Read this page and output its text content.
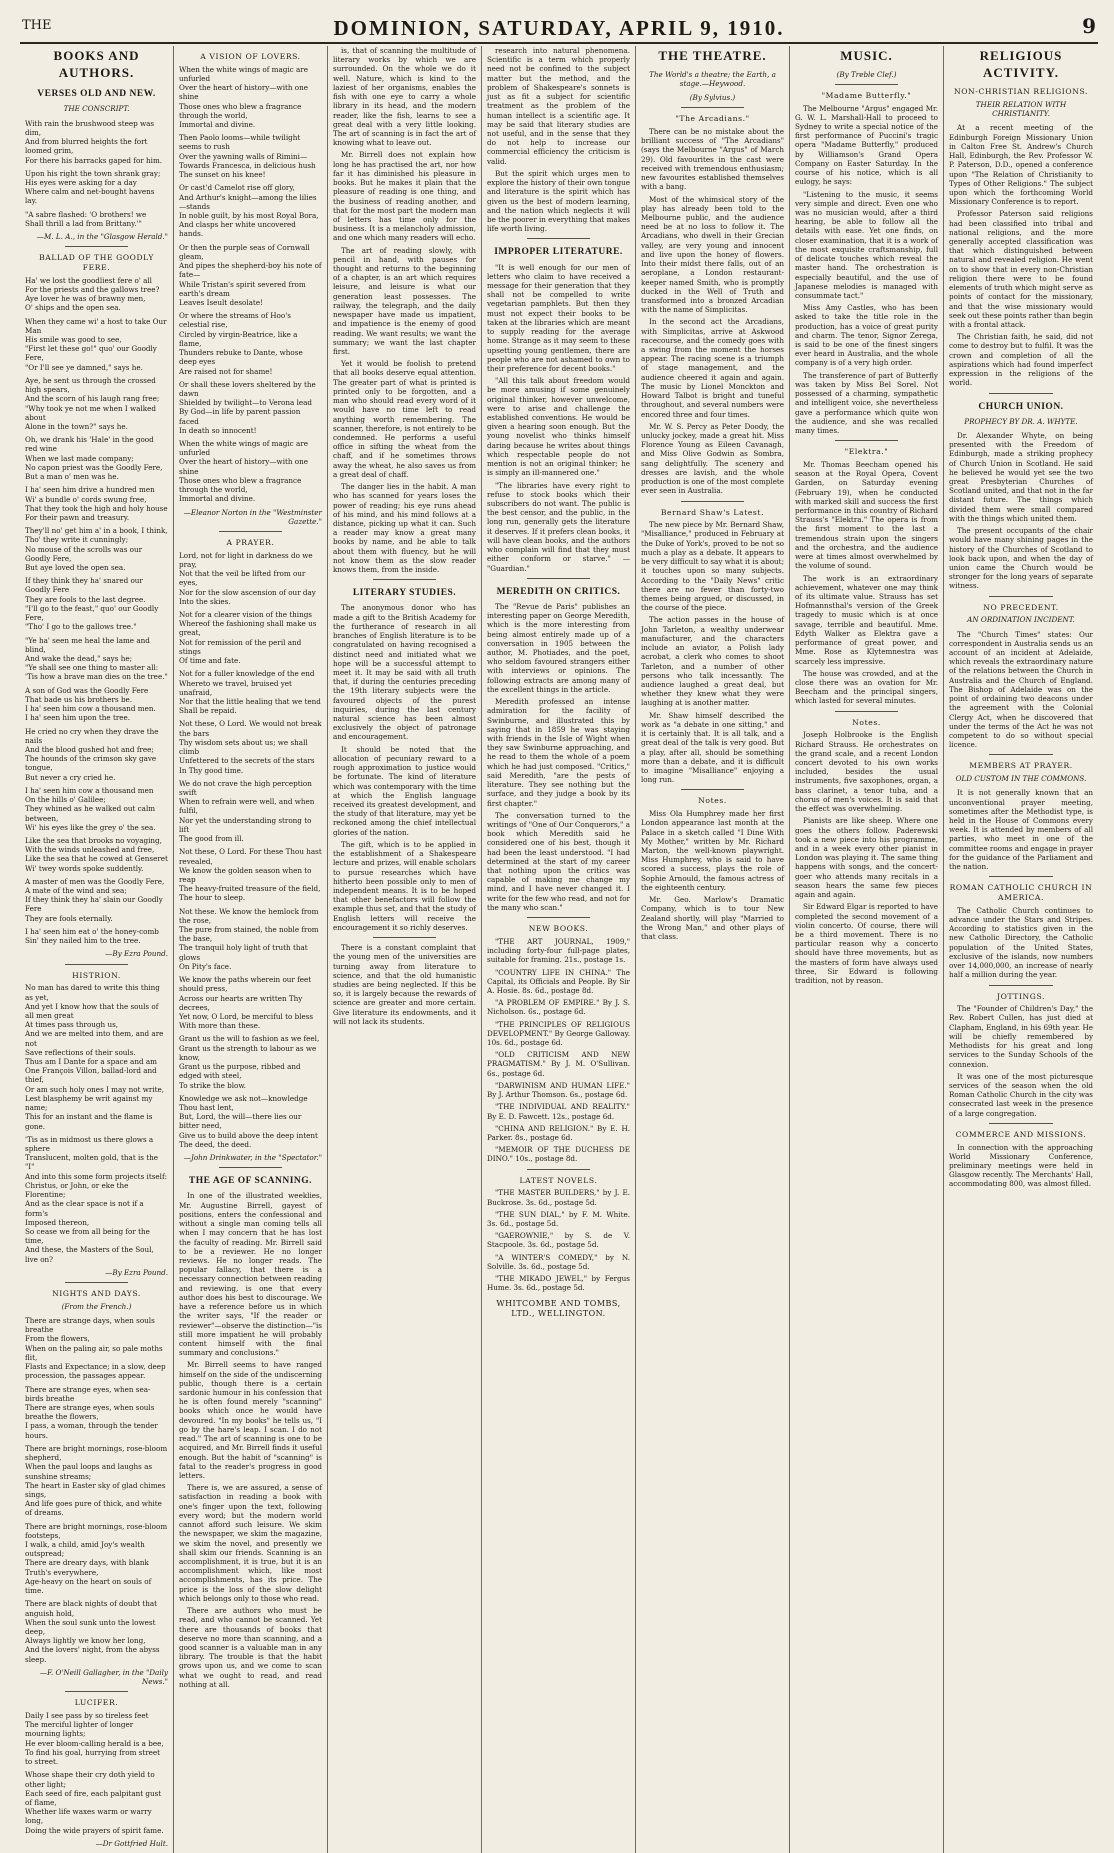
THE	DOMINION, SATURDAY, APRIL 9, 1910.	9
BOOKS AND AUTHORS.
VERSES OLD AND NEW.

THE CONSCRIPT.

With rain the brushwood steep was dim,
And from blurred heights the fort loomed grim,
For there his barracks gaped for him.

Upon his right the town shrank gray;
His eyes were asking for a day
Where calm and net-bought havens lay.

"A sabre flashed: 'O brothers! we
Shall thrill a lad from Brittany.'"

—M. L. A., in the "Glasgow Herald."

BALLAD OF THE GOODLY FERE.

Ha' we lost the goodliest fere o' all
For the priests and the gallows tree?
Aye lover he was of brawny men,
O' ships and the open sea.

When they came wi' a host to take Our Man
His smile was good to see,
"First let these go!" quo' our Goodly Fere,
"Or I'll see ye damned," says he.

Aye, he sent us through the crossed high spears,
And the scorn of his laugh rang free;
"Why took ye not me when I walked about
Alone in the town?" says he.

Oh, we drank his 'Hale' in the good red wine
When we last made company;
No capon priest was the Goodly Fere,
But a man o' men was he.

I ha' seen him drive a hundred men
Wi' a bundle o' cords swung free,
That they took the high and holy house
For their pawn and treasury.

They'll no' get him a' in a book, I think,
Tho' they write it cunningly;
No mouse of the scrolls was our Goodly Fere,
But aye loved the open sea.

If they think they ha' snared our Goodly Fere
They are fools to the last degree.
"I'll go to the feast," quo' our Goodly Fere,
"Tho' I go to the gallows tree."

"Ye ha' seen me heal the lame and blind,
And wake the dead," says he;
"Ye shall see one thing to master all:
'Tis how a brave man dies on the tree."

A son of God was the Goodly Fere
That bade us his brothers be.
I ha' seen him cow a thousand men.
I ha' seen him upon the tree.

He cried no cry when they drave the nails
And the blood gushed hot and free;
The hounds of the crimson sky gave tongue,
But never a cry cried he.

I ha' seen him cow a thousand men
On the hills o' Galilee;
They whined as he walked out calm between,
Wi' his eyes like the grey o' the sea.

Like the sea that brooks no voyaging,
With the winds unleashed and free,
Like the sea that he cowed at Genseret
Wi' twey words spoke suddently.

A master of men was the Goodly Fere,
A mate of the wind and sea;
If they think they ha' slain our Goodly Fere
They are fools eternally.

I ha' seen him eat o' the honey-comb
Sin' they nailed him to the tree.

—By Ezra Pound.

HISTRION.

No man has dared to write this thing as yet,
And yet I know how that the souls of all men great
At times pass through us,
And we are melted into them, and are not
Save reflections of their souls.
Thus am I Dante for a space and am
One François Villon, ballad-lord and thief,
Or am such holy ones I may not write,
Lest blasphemy be writ against my name;
This for an instant and the flame is gone.

'Tis as in midmost us there glows a sphere
Translucent, molten gold, that is the "I"
And into this some form projects itself:
Christus, or John, or eke the Florentine;
And as the clear space is not if a form's
Imposed thereon,
So cease we from all being for the time,
And these, the Masters of the Soul, live on?

—By Ezra Pound.

NIGHTS AND DAYS.

(From the French.)

There are strange days, when souls breathe
From the flowers,
When on the paling air, so pale moths flit,
Flasts and Expectance; in a slow, deep procession, the passages appear.

There are strange eyes, when sea-birds breathe
There are strange eyes, when souls breathe the flowers,
I pass, a woman, through the tender hours.

There are bright mornings, rose-bloom shepherd,
When the paul loops and laughs as sunshine streams;
The heart in Easter sky of glad chimes sings,
And life goes pure of thick, and white of dreams.

There are bright mornings, rose-bloom footsteps,
I walk, a child, amid Joy's wealth outspread;
There are dreary days, with blank Truth's everywhere,
Age-heavy on the heart on souls of time.

There are black nights of doubt that anguish hold,
When the soul sunk unto the lowest deep,
Always lightly we know her long,
And the lovers' night, from the abyss sleep.

—F. O'Neill Gallagher, in the "Daily News."

LUCIFER.

Daily I see pass by so tireless feet
The merciful lighter of longer mourning lights;
He ever bloom-calling herald is a bee,
To find his goal, hurrying from street to street.

Whose shape their cry doth yield to other light;
Each seed of fire, each palpitant gust of flame,
Whether life waxes warm or warry long,
Doing the wide prayers of spirit fame.

—Dr Gottfried Hult.

A VISION OF LOVERS.

When the white wings of magic are unfurled
Over the heart of history—with one shine
Those ones who blew a fragrance through the world,
Immortal and divine.

Then Paolo looms—while twilight seems to rush
Over the yawning walls of Rimini—
Towards Francesca, in delicious hush
The sunset on his knee!

Or cast'd Camelot rise off glory,
And Arthur's knight—among the lilies—stands
In noble guilt, by his most Royal Bora,
And clasps her white uncovered hands.

Or then the purple seas of Cornwall gleam,
And pipes the shepherd-boy his note of fate—
While Tristan's spirit severed from earth's dream
Leaves Iseult desolate!

Or where the streams of Hoo's celestial rise,
Circled by virgin-Beatrice, like a flame,
Thunders rebuke to Dante, whose deep eyes
Are raised not for shame!

Or shall these lovers sheltered by the dawn
Shielded by twilight—to Verona lead
By God—in life by parent passion faced
In death so innocent!

When the white wings of magic are unfurled
Over the heart of history—with one shine
Those ones who blew a fragrance through the world,
Immortal and divine.

—Eleanor Norton in the "Westminster Gazette."

A PRAYER.

Lord, not for light in darkness do we pray,
Not that the veil be lifted from our eyes,
Nor for the slow ascension of our day
Into the skies.

Not for a clearer vision of the things
Whereof the fashioning shall make us great,
Not for remission of the peril and stings
Of time and fate.

Not for a fuller knowledge of the end
Whereto we travel, bruised yet unafraid,
Nor that the little healing that we tend
Shall be repaid.

Not these, O Lord. We would not break the bars
Thy wisdom sets about us; we shall climb
Unfettered to the secrets of the stars
In Thy good time.

We do not crave the high perception swift
When to refrain were well, and when fulfil,
Nor yet the understanding strong to lift
The good from ill.

Not these, O Lord. For these Thou hast revealed,
We know the golden season when to reap
The heavy-fruited treasure of the field,
The hour to sleep.

Not these. We know the hemlock from the rose,
The pure from stained, the noble from the base,
The tranquil holy light of truth that glows
On Pity's face.

We know the paths wherein our feet should press,
Across our hearts are written Thy decrees,
Yet now, O Lord, be merciful to bless
With more than these.

Grant us the will to fashion as we feel,
Grant us the strength to labour as we know,
Grant us the purpose, ribbed and edged with steel,
To strike the blow.

Knowledge we ask not—knowledge Thou hast lent,
But, Lord, the will—there lies our bitter need,
Give us to build above the deep intent
The deed, the deed.

—John Drinkwater, in the "Spectator."

THE AGE OF SCANNING.

In one of the illustrated weeklies, Mr. Augustine Birrell, gayest of positions, enters the confessional and without a single man coming tells all when I may concern that he has lost the faculty of reading. Mr. Birrell said to be a reviewer. He no longer reviews. He no longer reads. The popular fallacy, that there is a necessary connection between reading and reviewing, is one that every author does his best to discourage. We have a reference before us in which the writer says, "If the reader or reviewer"—observe the distinction—"is still more impatient he will probably content himself with the final summary and conclusions."

Mr. Birrell seems to have ranged himself on the side of the undiscerning public, though there is a certain sardonic humour in his confession that he is often found merely "scanning" books which once he would have devoured. "In my books" he tells us, "I go by the hare's leap. I scan. I do not read." The art of scanning is one to be acquired, and Mr. Birrell finds it useful enough. But the habit of "scanning" is fatal to the reader's progress in good letters.

There is, we are assured, a sense of satisfaction in reading a book with one's finger upon the text, following every word; but the modern world cannot afford such leisure. We skim the newspaper, we skim the magazine, we skim the novel, and presently we shall skim our friends. Scanning is an accomplishment, it is true, but it is an accomplishment which, like most accomplishments, has its price. The price is the loss of the slow delight which belongs only to those who read.

There are authors who must be read, and who cannot be scanned. Yet there are thousands of books that deserve no more than scanning, and a good scanner is a valuable man in any library. The trouble is that the habit grows upon us, and we come to scan what we ought to read, and read nothing at all.

is, that of scanning the multitude of literary works by which we are surrounded. On the whole we do it well. Nature, which is kind to the laziest of her organisms, enables the fish with one eye to carry a whole library in its head, and the modern reader, like the fish, learns to see a great deal with a very little looking. The art of scanning is in fact the art of knowing what to leave out.

Mr. Birrell does not explain how long he has practised the art, nor how far it has diminished his pleasure in books. But he makes it plain that the pleasure of reading is one thing, and the business of reading another, and that for the most part the modern man of letters has time only for the business. It is a melancholy admission, and one which many readers will echo.

The art of reading slowly, with pencil in hand, with pauses for thought and returns to the beginning of a chapter, is an art which requires leisure, and leisure is what our generation least possesses. The railway, the telegraph, and the daily newspaper have made us impatient, and impatience is the enemy of good reading. We want results; we want the summary; we want the last chapter first.

Yet it would be foolish to pretend that all books deserve equal attention. The greater part of what is printed is printed only to be forgotten, and a man who should read every word of it would have no time left to read anything worth remembering. The scanner, therefore, is not entirely to be condemned. He performs a useful office in sifting the wheat from the chaff, and if he sometimes throws away the wheat, he also saves us from a great deal of chaff.

The danger lies in the habit. A man who has scanned for years loses the power of reading; his eye runs ahead of his mind, and his mind follows at a distance, picking up what it can. Such a reader may know a great many books by name, and be able to talk about them with fluency, but he will not know them as the slow reader knows them, from the inside.

LITERARY STUDIES.

The anonymous donor who has made a gift to the British Academy for the furtherance of research in all branches of English literature is to be congratulated on having recognised a distinct need and initiated what we hope will be a successful attempt to meet it. It may be said with all truth that, if during the centuries preceding the 19th literary subjects were the favoured objects of the purest inquiries, during the last century natural science has been almost exclusively the object of patronage and encouragement.

It should be noted that the allocation of pecuniary reward to a rough approximation to justice would be fortunate. The kind of literature which was contemporary with the time at which the English language received its greatest development, and the study of that literature, may yet be reckoned among the chief intellectual glories of the nation.

The gift, which is to be applied in the establishment of a Shakespeare lecture and prizes, will enable scholars to pursue researches which have hitherto been possible only to men of independent means. It is to be hoped that other benefactors will follow the example thus set, and that the study of English letters will receive the encouragement it so richly deserves.

There is a constant complaint that the young men of the universities are turning away from literature to science, and that the old humanistic studies are being neglected. If this be so, it is largely because the rewards of science are greater and more certain. Give literature its endowments, and it will not lack its students.

research into natural phenomena. Scientific is a term which properly need not be confined to the subject matter but the method, and the problem of Shakespeare's sonnets is just as fit a subject for scientific treatment as the problem of the human intellect is a scientific age. It may be said that literary studies are not useful, and in the sense that they do not help to increase our commercial efficiency the criticism is valid.

But the spirit which urges men to explore the history of their own tongue and literature is the spirit which has given us the best of modern learning, and the nation which neglects it will be the poorer in everything that makes life worth living.

IMPROPER LITERATURE.

"It is well enough for our men of letters who claim to have received a message for their generation that they shall not be compelled to write vegetarian pamphlets. But then they must not expect their books to be taken at the libraries which are meant to supply reading for the average home. Strange as it may seem to these upsetting young gentlemen, there are people who are not ashamed to own to their preference for decent books."

"All this talk about freedom would be more amusing if some genuinely original thinker, however unwelcome, were to arise and challenge the established conventions. He would be given a hearing soon enough. But the young novelist who thinks himself daring because he writes about things which respectable people do not mention is not an original thinker; he is simply an ill-mannered one."

"The libraries have every right to refuse to stock books which their subscribers do not want. The public is the best censor, and the public, in the long run, generally gets the literature it deserves. If it prefers clean books, it will have clean books, and the authors who complain will find that they must either conform or starve." — "Guardian."

MEREDITH ON CRITICS.

The "Revue de Paris" publishes an interesting paper on George Meredith, which is the more interesting from being almost entirely made up of a conversation in 1905 between the author, M. Photiades, and the poet, who seldom favoured strangers either with interviews or opinions. The following extracts are among many of the excellent things in the article.

Meredith professed an intense admiration for the facility of Swinburne, and illustrated this by saying that in 1859 he was staying with friends in the Isle of Wight when they saw Swinburne approaching, and he read to them the whole of a poem which he had just composed. "Critics," said Meredith, "are the pests of literature. They see nothing but the surface, and they judge a book by its first chapter."

The conversation turned to the writings of "One of Our Conquerors," a book which Meredith said he considered one of his best, though it had been the least understood. "I had determined at the start of my career that nothing upon the critics was capable of making me change my mind, and I have never changed it. I write for the few who read, and not for the many who scan."

NEW BOOKS.

"THE ART JOURNAL, 1909," including forty-four full-page plates, suitable for framing. 21s., postage 1s.

"COUNTRY LIFE IN CHINA." The Capital, its Officials and People. By Sir A. Hosie. 8s. 6d., postage 8d.

"A PROBLEM OF EMPIRE." By J. S. Nicholson. 6s., postage 6d.

"THE PRINCIPLES OF RELIGIOUS DEVELOPMENT." By George Galloway. 10s. 6d., postage 6d.

"OLD CRITICISM AND NEW PRAGMATISM." By J. M. O'Sullivan. 6s., postage 6d.

"DARWINISM AND HUMAN LIFE." By J. Arthur Thomson. 6s., postage 6d.

"THE INDIVIDUAL AND REALITY." By E. D. Fawcett. 12s., postage 6d.

"CHINA AND RELIGION." By E. H. Parker. 8s., postage 6d.

"MEMOIR OF THE DUCHESS DE DINO." 10s., postage 8d.

LATEST NOVELS.

"THE MASTER BUILDERS," by J. E. Buckrose. 3s. 6d., postage 5d.

"THE SUN DIAL," by F. M. White. 3s. 6d., postage 5d.

"GAEROWNIE," by S. de V. Stacpoole. 3s. 6d., postage 5d.

"A WINTER'S COMEDY," by N. Solville. 3s. 6d., postage 5d.

"THE MIKADO JEWEL," by Fergus Hume. 3s. 6d., postage 5d.

WHITCOMBE AND TOMBS, LTD., WELLINGTON.
THE THEATRE.

The World's a theatre; the Earth, a stage.—Heywood.

(By Sylvius.)

"The Arcadians."

There can be no mistake about the brilliant success of "The Arcadians" (says the Melbourne "Argus" of March 29). Old favourites in the cast were received with tremendous enthusiasm; new favourites established themselves with a bang.

Most of the whimsical story of the play has already been told to the Melbourne public, and the audience need be at no loss to follow it. The Arcadians, who dwell in their Grecian valley, are very young and innocent and live upon the honey of flowers. Into their midst there falls, out of an aeroplane, a London restaurant-keeper named Smith, who is promptly ducked in the Well of Truth and transformed into a bronzed Arcadian with the name of Simplicitas.

In the second act the Arcadians, with Simplicitas, arrive at Askwood racecourse, and the comedy goes with a swing from the moment the horses appear. The racing scene is a triumph of stage management, and the audience cheered it again and again. The music by Lionel Monckton and Howard Talbot is bright and tuneful throughout, and several numbers were encored three and four times.

Mr. W. S. Percy as Peter Doody, the unlucky jockey, made a great hit. Miss Florence Young as Eileen Cavanagh, and Miss Olive Godwin as Sombra, sang delightfully. The scenery and dresses are lavish, and the whole production is one of the most complete ever seen in Australia.

Bernard Shaw's Latest.

The new piece by Mr. Bernard Shaw, "Misalliance," produced in February at the Duke of York's, proved to be not so much a play as a debate. It appears to be very difficult to say what it is about; it touches upon so many subjects. According to the "Daily News" critic there are no fewer than forty-two themes being argued, or discussed, in the course of the piece.

The action passes in the house of John Tarleton, a wealthy underwear manufacturer, and the characters include an aviator, a Polish lady acrobat, a clerk who comes to shoot Tarleton, and a number of other persons who talk incessantly. The audience laughed a great deal, but whether they knew what they were laughing at is another matter.

Mr. Shaw himself described the work as "a debate in one sitting," and it is certainly that. It is all talk, and a great deal of the talk is very good. But a play, after all, should be something more than a debate, and it is difficult to imagine "Misalliance" enjoying a long run.

Notes.

Miss Ola Humphrey made her first London appearance last month at the Palace in a sketch called "I Dine With My Mother," written by Mr. Richard Marton, the well-known playwright. Miss Humphrey, who is said to have scored a success, plays the role of Sophie Arnould, the famous actress of the eighteenth century.

Mr. Geo. Marlow's Dramatic Company, which is to tour New Zealand shortly, will play "Married to the Wrong Man," and other plays of that class.

MUSIC.

(By Treble Clef.)

"Madame Butterfly."

The Melbourne "Argus" engaged Mr. G. W. L. Marshall-Hall to proceed to Sydney to write a special notice of the first performance of Puccini's tragic opera "Madame Butterfly," produced by Williamson's Grand Opera Company on Easter Saturday. In the course of his notice, which is all eulogy, he says:

"Listening to the music, it seems very simple and direct. Even one who was no musician would, after a third hearing, be able to follow all the details with ease. Yet one finds, on closer examination, that it is a work of the most exquisite craftsmanship, full of delicate touches which reveal the master hand. The orchestration is especially beautiful, and the use of Japanese melodies is managed with consummate tact."

Miss Amy Castles, who has been asked to take the title role in the production, has a voice of great purity and charm. The tenor, Signor Zerega, is said to be one of the finest singers ever heard in Australia, and the whole company is of a very high order.

The transference of part of Butterfly was taken by Miss Bel Sorel. Not possessed of a charming, sympathetic and intelligent voice, she nevertheless gave a performance which quite won the audience, and she was recalled many times.

"Elektra."

Mr. Thomas Beecham opened his season at the Royal Opera, Covent Garden, on Saturday evening (February 19), when he conducted with marked skill and success the first performance in this country of Richard Strauss's "Elektra." The opera is from the first moment to the last a tremendous strain upon the singers and the orchestra, and the audience were at times almost overwhelmed by the volume of sound.

The work is an extraordinary achievement, whatever one may think of its ultimate value. Strauss has set Hofmannsthal's version of the Greek tragedy to music which is at once savage, terrible and beautiful. Mme. Edyth Walker as Elektra gave a performance of great power, and Mme. Rose as Klytemnestra was scarcely less impressive.

The house was crowded, and at the close there was an ovation for Mr. Beecham and the principal singers, which lasted for several minutes.

Notes.

Joseph Holbrooke is the English Richard Strauss. He orchestrates on the grand scale, and a recent London concert devoted to his own works included, besides the usual instruments, five saxophones, organ, a bass clarinet, a tenor tuba, and a chorus of men's voices. It is said that the effect was overwhelming.

Pianists are like sheep. Where one goes the others follow. Paderewski took a new piece into his programme, and in a week every other pianist in London was playing it. The same thing happens with songs, and the concert-goer who attends many recitals in a season hears the same few pieces again and again.

Sir Edward Elgar is reported to have completed the second movement of a violin concerto. Of course, there will be a third movement. There is no particular reason why a concerto should have three movements, but as the masters of form have always used three, Sir Edward is following tradition, not by reason.

RELIGIOUS ACTIVITY.
NON-CHRISTIAN RELIGIONS.

THEIR RELATION WITH CHRISTIANITY.

At a recent meeting of the Edinburgh Foreign Missionary Union in Calton Free St. Andrew's Church Hall, Edinburgh, the Rev. Professor W. P. Paterson, D.D., opened a conference upon "The Relation of Christianity to Types of Other Religions." The subject upon which the forthcoming World Missionary Conference is to report.

Professor Paterson said religions had been classified into tribal and national religions, and the more generally accepted classification was that which distinguished between natural and revealed religion. He went on to show that in every non-Christian religion there were to be found elements of truth which might serve as points of contact for the missionary, and that the wise missionary would seek out these points rather than begin with a frontal attack.

The Christian faith, he said, did not come to destroy but to fulfil. It was the crown and completion of all the aspirations which had found imperfect expression in the religions of the world.

CHURCH UNION.

PROPHECY BY DR. A. WHYTE.

Dr. Alexander Whyte, on being presented with the Freedom of Edinburgh, made a striking prophecy of Church Union in Scotland. He said he believed he would yet see the two great Presbyterian Churches of Scotland united, and that not in the far distant future. The things which divided them were small compared with the things which united them.

The present occupants of the chair would have many shining pages in the history of the Churches of Scotland to look back upon, and when the day of union came the Church would be stronger for the long years of separate witness.

NO PRECEDENT.

AN ORDINATION INCIDENT.

The "Church Times" states: Our correspondent in Australia sends us an account of an incident at Adelaide, which reveals the extraordinary nature of the relations between the Church in Australia and the Church of England. The Bishop of Adelaide was on the point of ordaining two deacons under the agreement with the Colonial Clergy Act, when he discovered that under the terms of the Act he was not competent to do so without special licence.

MEMBERS AT PRAYER.

OLD CUSTOM IN THE COMMONS.

It is not generally known that an unconventional prayer meeting, sometimes after the Methodist type, is held in the House of Commons every week. It is attended by members of all parties, who meet in one of the committee rooms and engage in prayer for the guidance of the Parliament and the nation.

ROMAN CATHOLIC CHURCH IN AMERICA.

The Catholic Church continues to advance under the Stars and Stripes. According to statistics given in the new Catholic Directory, the Catholic population of the United States, exclusive of the islands, now numbers over 14,000,000, an increase of nearly half a million during the year.

JOTTINGS.

The "Founder of Children's Day," the Rev. Robert Cullen, has just died at Clapham, England, in his 69th year. He will be chiefly remembered by Methodists for his great and long services to the Sunday Schools of the connexion.

It was one of the most picturesque services of the season when the old Roman Catholic Church in the city was consecrated last week in the presence of a large congregation.

COMMERCE AND MISSIONS.

In connection with the approaching World Missionary Conference, preliminary meetings were held in Glasgow recently. The Merchants' Hall, accommodating 800, was almost filled.
